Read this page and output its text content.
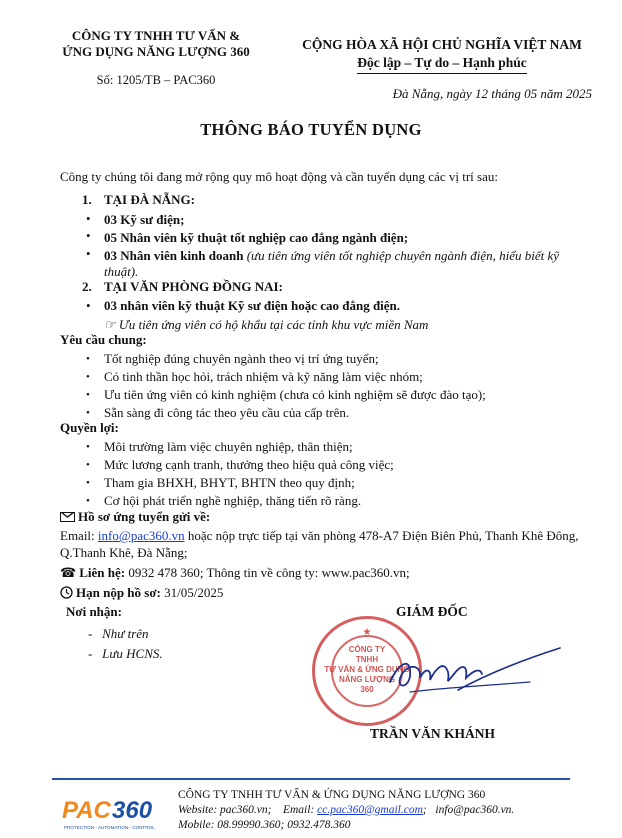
CÔNG TY TNHH TƯ VẤN &
ỨNG DỤNG NĂNG LƯỢNG 360
Số: 1205/TB – PAC360
CỘNG HÒA XÃ HỘI CHỦ NGHĨA VIỆT NAM
Độc lập – Tự do – Hạnh phúc
Đà Nẵng, ngày 12 tháng 05 năm 2025
THÔNG BÁO TUYỂN DỤNG
Công ty chúng tôi đang mở rộng quy mô hoạt động và cần tuyển dụng các vị trí sau:
1. TẠI ĐÀ NẴNG:
• 03 Kỹ sư điện;
• 05 Nhân viên kỹ thuật tốt nghiệp cao đẳng ngành điện;
• 03 Nhân viên kinh doanh (ưu tiên ứng viên tốt nghiệp chuyên ngành điện, hiểu biết kỹ thuật).
2. TẠI VĂN PHÒNG ĐỒNG NAI:
• 03 nhân viên kỹ thuật Kỹ sư điện hoặc cao đẳng điện.
☞ Ưu tiên ứng viên có hộ khẩu tại các tỉnh khu vực miền Nam
Yêu cầu chung:
• Tốt nghiệp đúng chuyên ngành theo vị trí ứng tuyển;
• Có tinh thần học hỏi, trách nhiệm và kỹ năng làm việc nhóm;
• Ưu tiên ứng viên có kinh nghiệm (chưa có kinh nghiệm sẽ được đào tạo);
• Sẵn sàng đi công tác theo yêu cầu của cấp trên.
Quyền lợi:
• Môi trường làm việc chuyên nghiệp, thân thiện;
• Mức lương cạnh tranh, thưởng theo hiệu quả công việc;
• Tham gia BHXH, BHYT, BHTN theo quy định;
• Cơ hội phát triển nghề nghiệp, thăng tiến rõ ràng.
Hồ sơ ứng tuyển gửi về:
Email: info@pac360.vn hoặc nộp trực tiếp tại văn phòng 478-A7 Điện Biên Phủ, Thanh Khê Đông, Q.Thanh Khê, Đà Nẵng;
☎ Liên hệ: 0932 478 360; Thông tin về công ty: www.pac360.vn;
Hạn nộp hồ sơ: 31/05/2025
Nơi nhận:
-   Như trên
-   Lưu HCNS.
GIÁM ĐỐC
★
CÔNG TY
TNHH
TƯ VẤN & ỨNG DỤNG
NĂNG LƯỢNG
360
TRẦN VĂN KHÁNH
PAC 360
PROTECTION - AUTOMATION - CONTROL
CÔNG TY TNHH TƯ VẤN & ỨNG DỤNG NĂNG LƯỢNG 360
Website: pac360.vn; Email: cc.pac360@gmail.com;   info@pac360.vn.
Mobile: 08.99990.360; 0932.478.360
